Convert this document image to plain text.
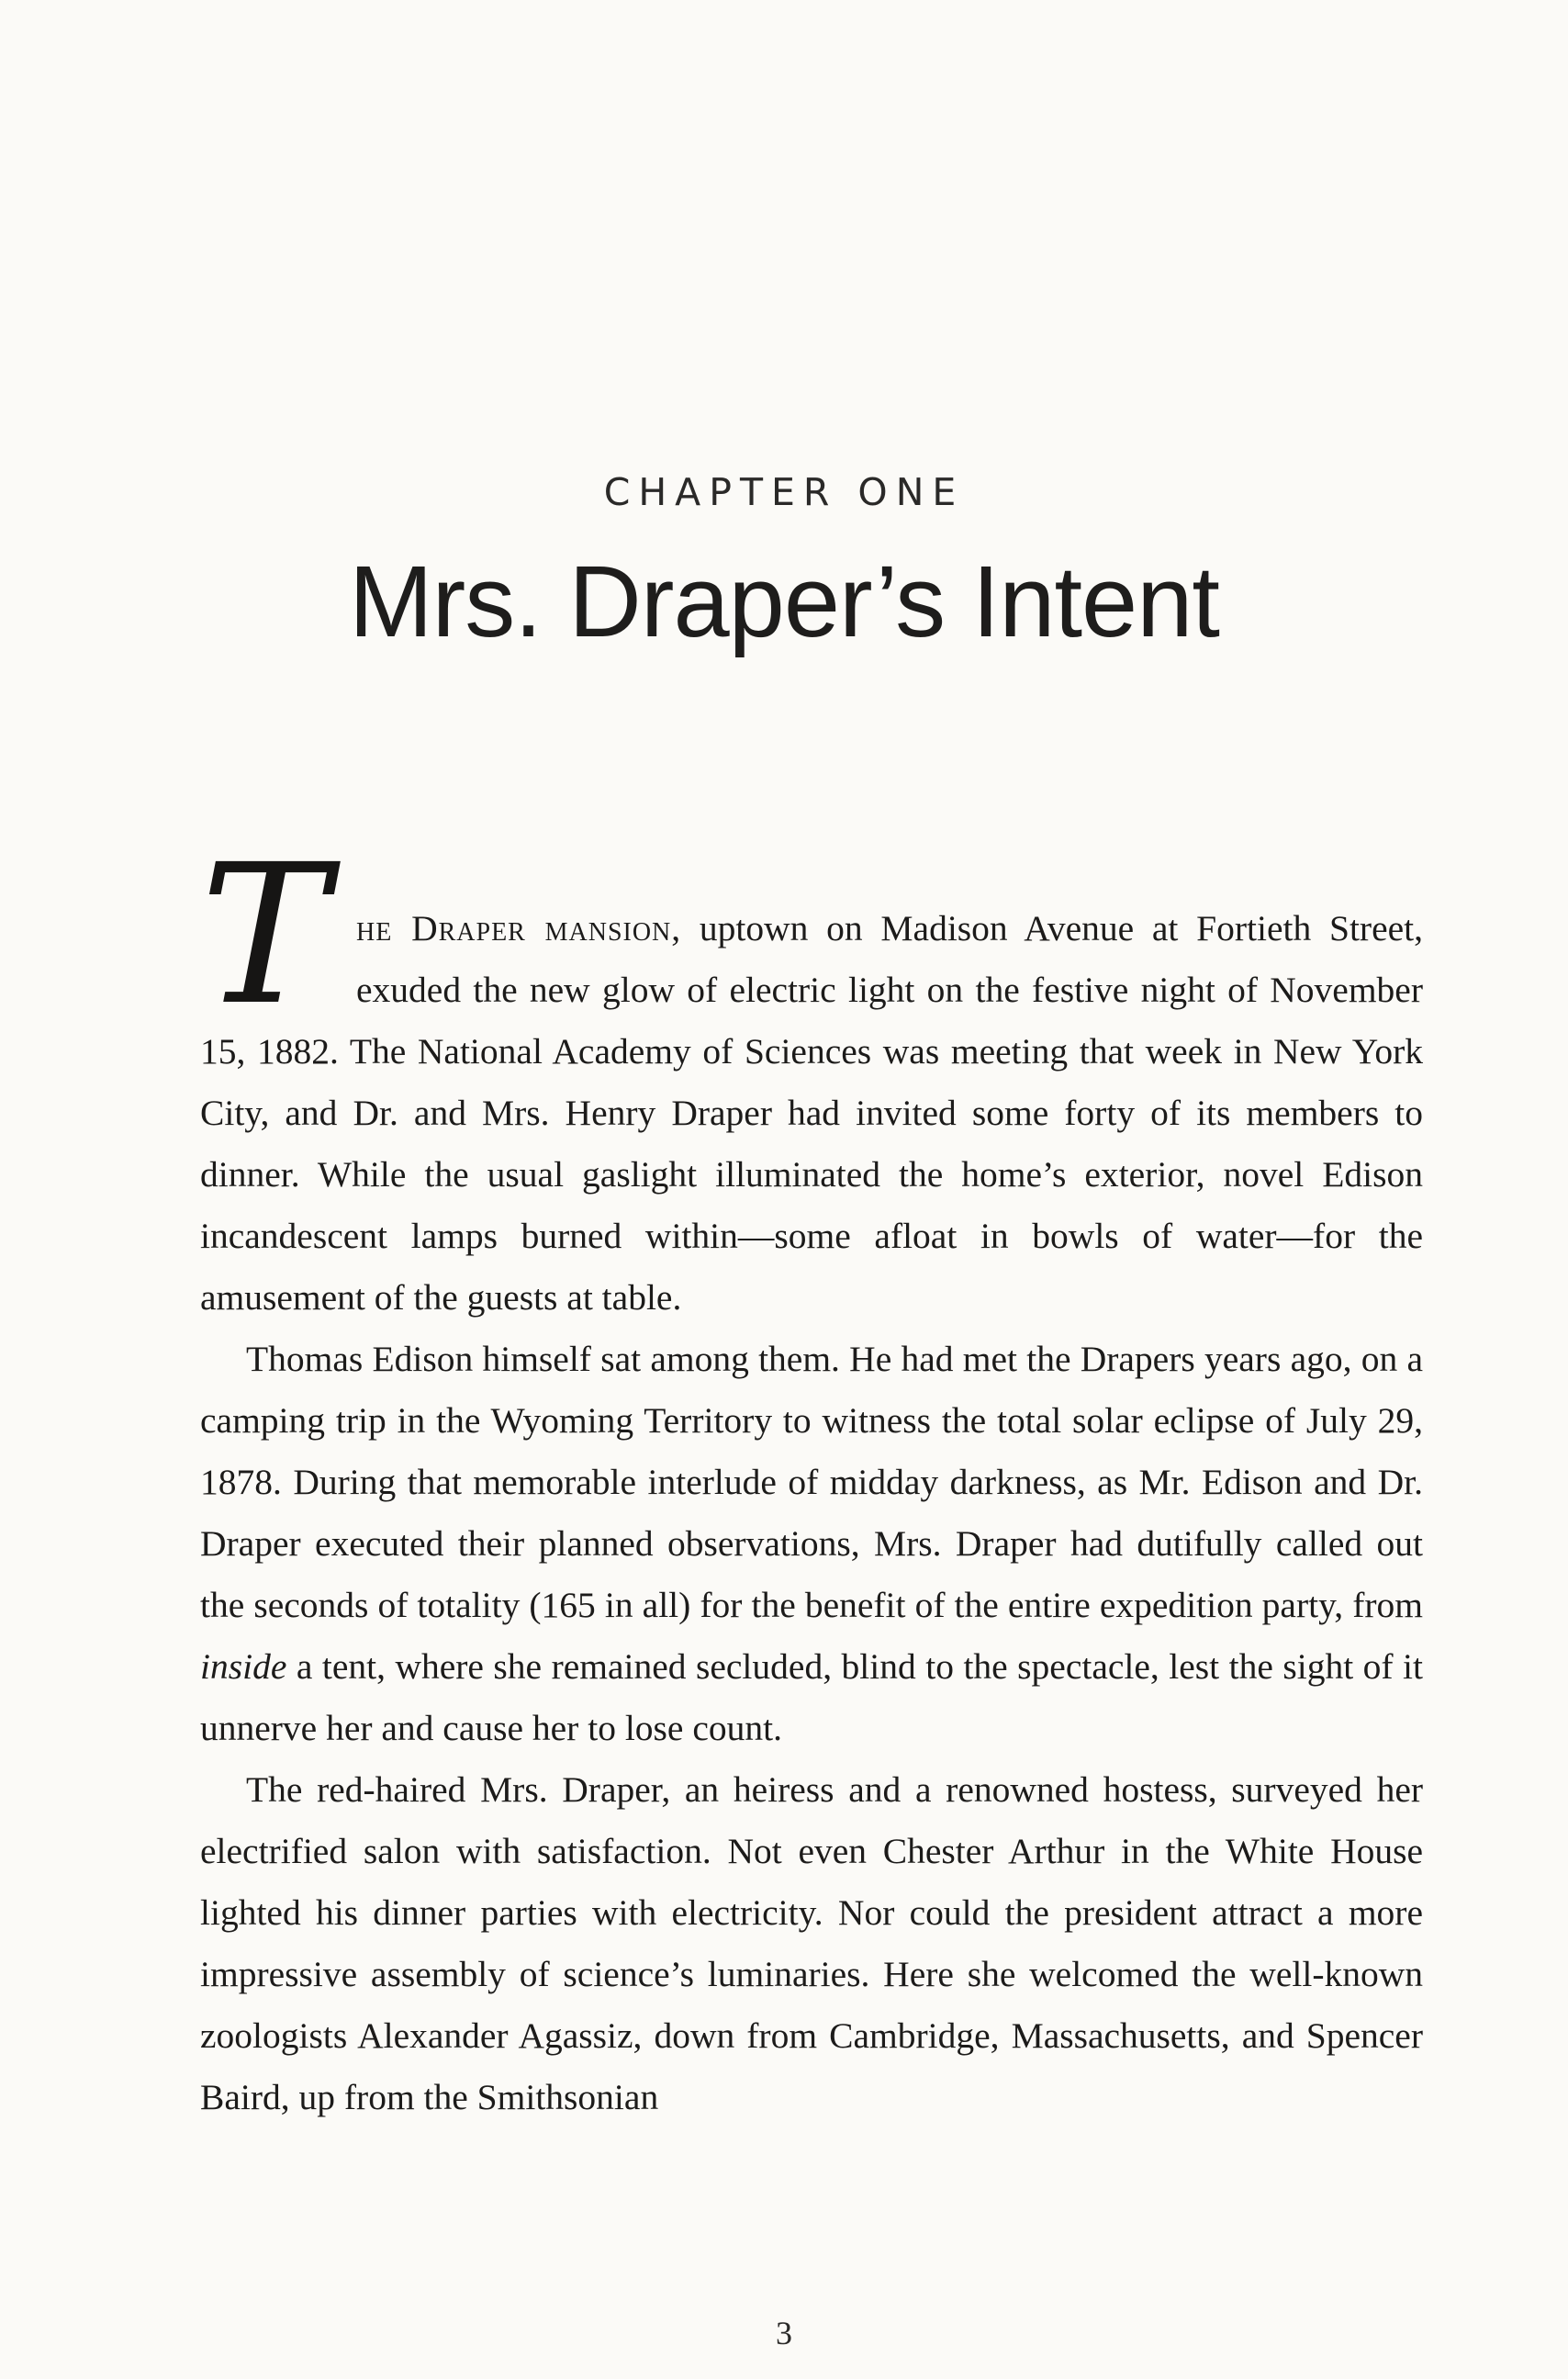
CHAPTER ONE
Mrs. Draper’s Intent

The Draper mansion, uptown on Madison Avenue at Fortieth Street, exuded the new glow of electric light on the festive night of November 15, 1882. The National Academy of Sciences was meeting that week in New York City, and Dr. and Mrs. Henry Draper had invited some forty of its members to dinner. While the usual gaslight illuminated the home’s exterior, novel Edison incandescent lamps burned within—some afloat in bowls of water—for the amusement of the guests at table.

Thomas Edison himself sat among them. He had met the Drapers years ago, on a camping trip in the Wyoming Territory to witness the total solar eclipse of July 29, 1878. During that memorable interlude of midday darkness, as Mr. Edison and Dr. Draper executed their planned observations, Mrs. Draper had dutifully called out the seconds of totality (165 in all) for the benefit of the entire expedition party, from inside a tent, where she remained secluded, blind to the spectacle, lest the sight of it unnerve her and cause her to lose count.

The red-haired Mrs. Draper, an heiress and a renowned hostess, surveyed her electrified salon with satisfaction. Not even Chester Arthur in the White House lighted his dinner parties with electricity. Nor could the president attract a more impressive assembly of science’s luminaries. Here she welcomed the well-known zoologists Alexander Agassiz, down from Cambridge, Massachusetts, and Spencer Baird, up from the Smithsonian

3
